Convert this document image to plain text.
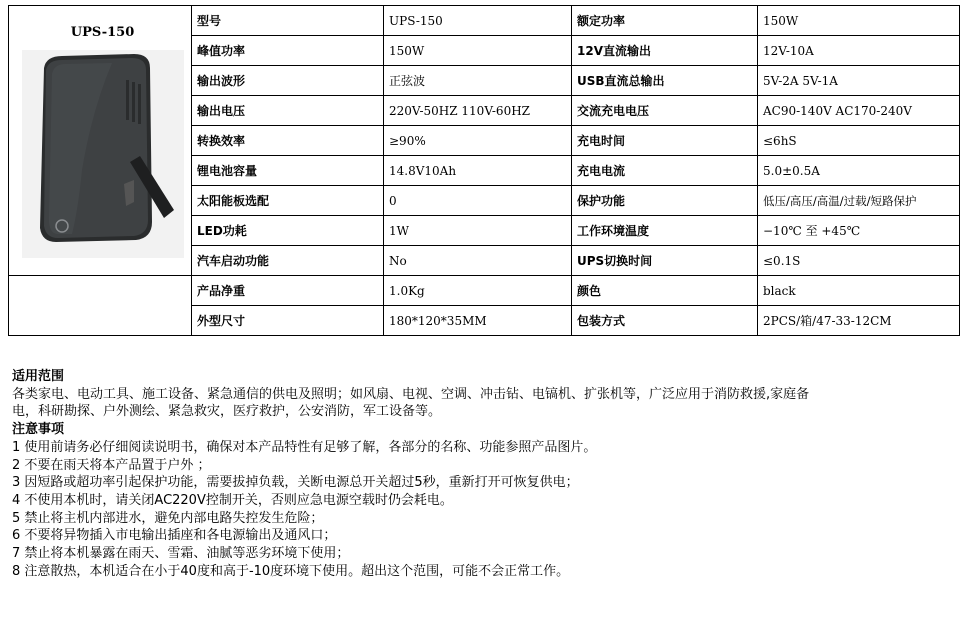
UPS-150	型号	UPS-150	额定功率	150W
	峰值功率	150W	12V直流输出	12V-10A
	输出波形	正弦波	USB直流总输出	5V-2A 5V-1A
	输出电压	220V-50HZ 110V-60HZ	交流充电电压	AC90-140V AC170-240V
	转换效率	≥90%	充电时间	≤6hS
	锂电池容量	14.8V10Ah	充电电流	5.0±0.5A
	太阳能板选配	0	保护功能	低压/高压/高温/过载/短路保护
	LED功耗	1W	工作环境温度	−10℃ 至 +45℃
	汽车启动功能	No	UPS切换时间	≤0.1S
	产品净重	1.0Kg	颜色	black
	外型尺寸	180*120*35MM	包装方式	2PCS/箱/47-33-12CM
适用范围
各类家电、电动工具、施工设备、紧急通信的供电及照明；如风扇、电视、空调、冲击钻、电镐机、扩张机等，广泛应用于消防救援,家庭备
电，科研勘探、户外测绘、紧急救灾，医疗救护，公安消防，军工设备等。
注意事项
1 使用前请务必仔细阅读说明书，确保对本产品特性有足够了解，各部分的名称、功能参照产品图片。
2 不要在雨天将本产品置于户外 ；
3 因短路或超功率引起保护功能，需要拔掉负载，关断电源总开关超过5秒，重新打开可恢复供电；
4 不使用本机时，请关闭AC220V控制开关，否则应急电源空载时仍会耗电。
5 禁止将主机内部进水，避免内部电路失控发生危险；
6 不要将异物插入市电输出插座和各电源输出及通风口；
7 禁止将本机暴露在雨天、雪霜、油腻等恶劣环境下使用；
8 注意散热，本机适合在小于40度和高于-10度环境下使用。超出这个范围，可能不会正常工作。
